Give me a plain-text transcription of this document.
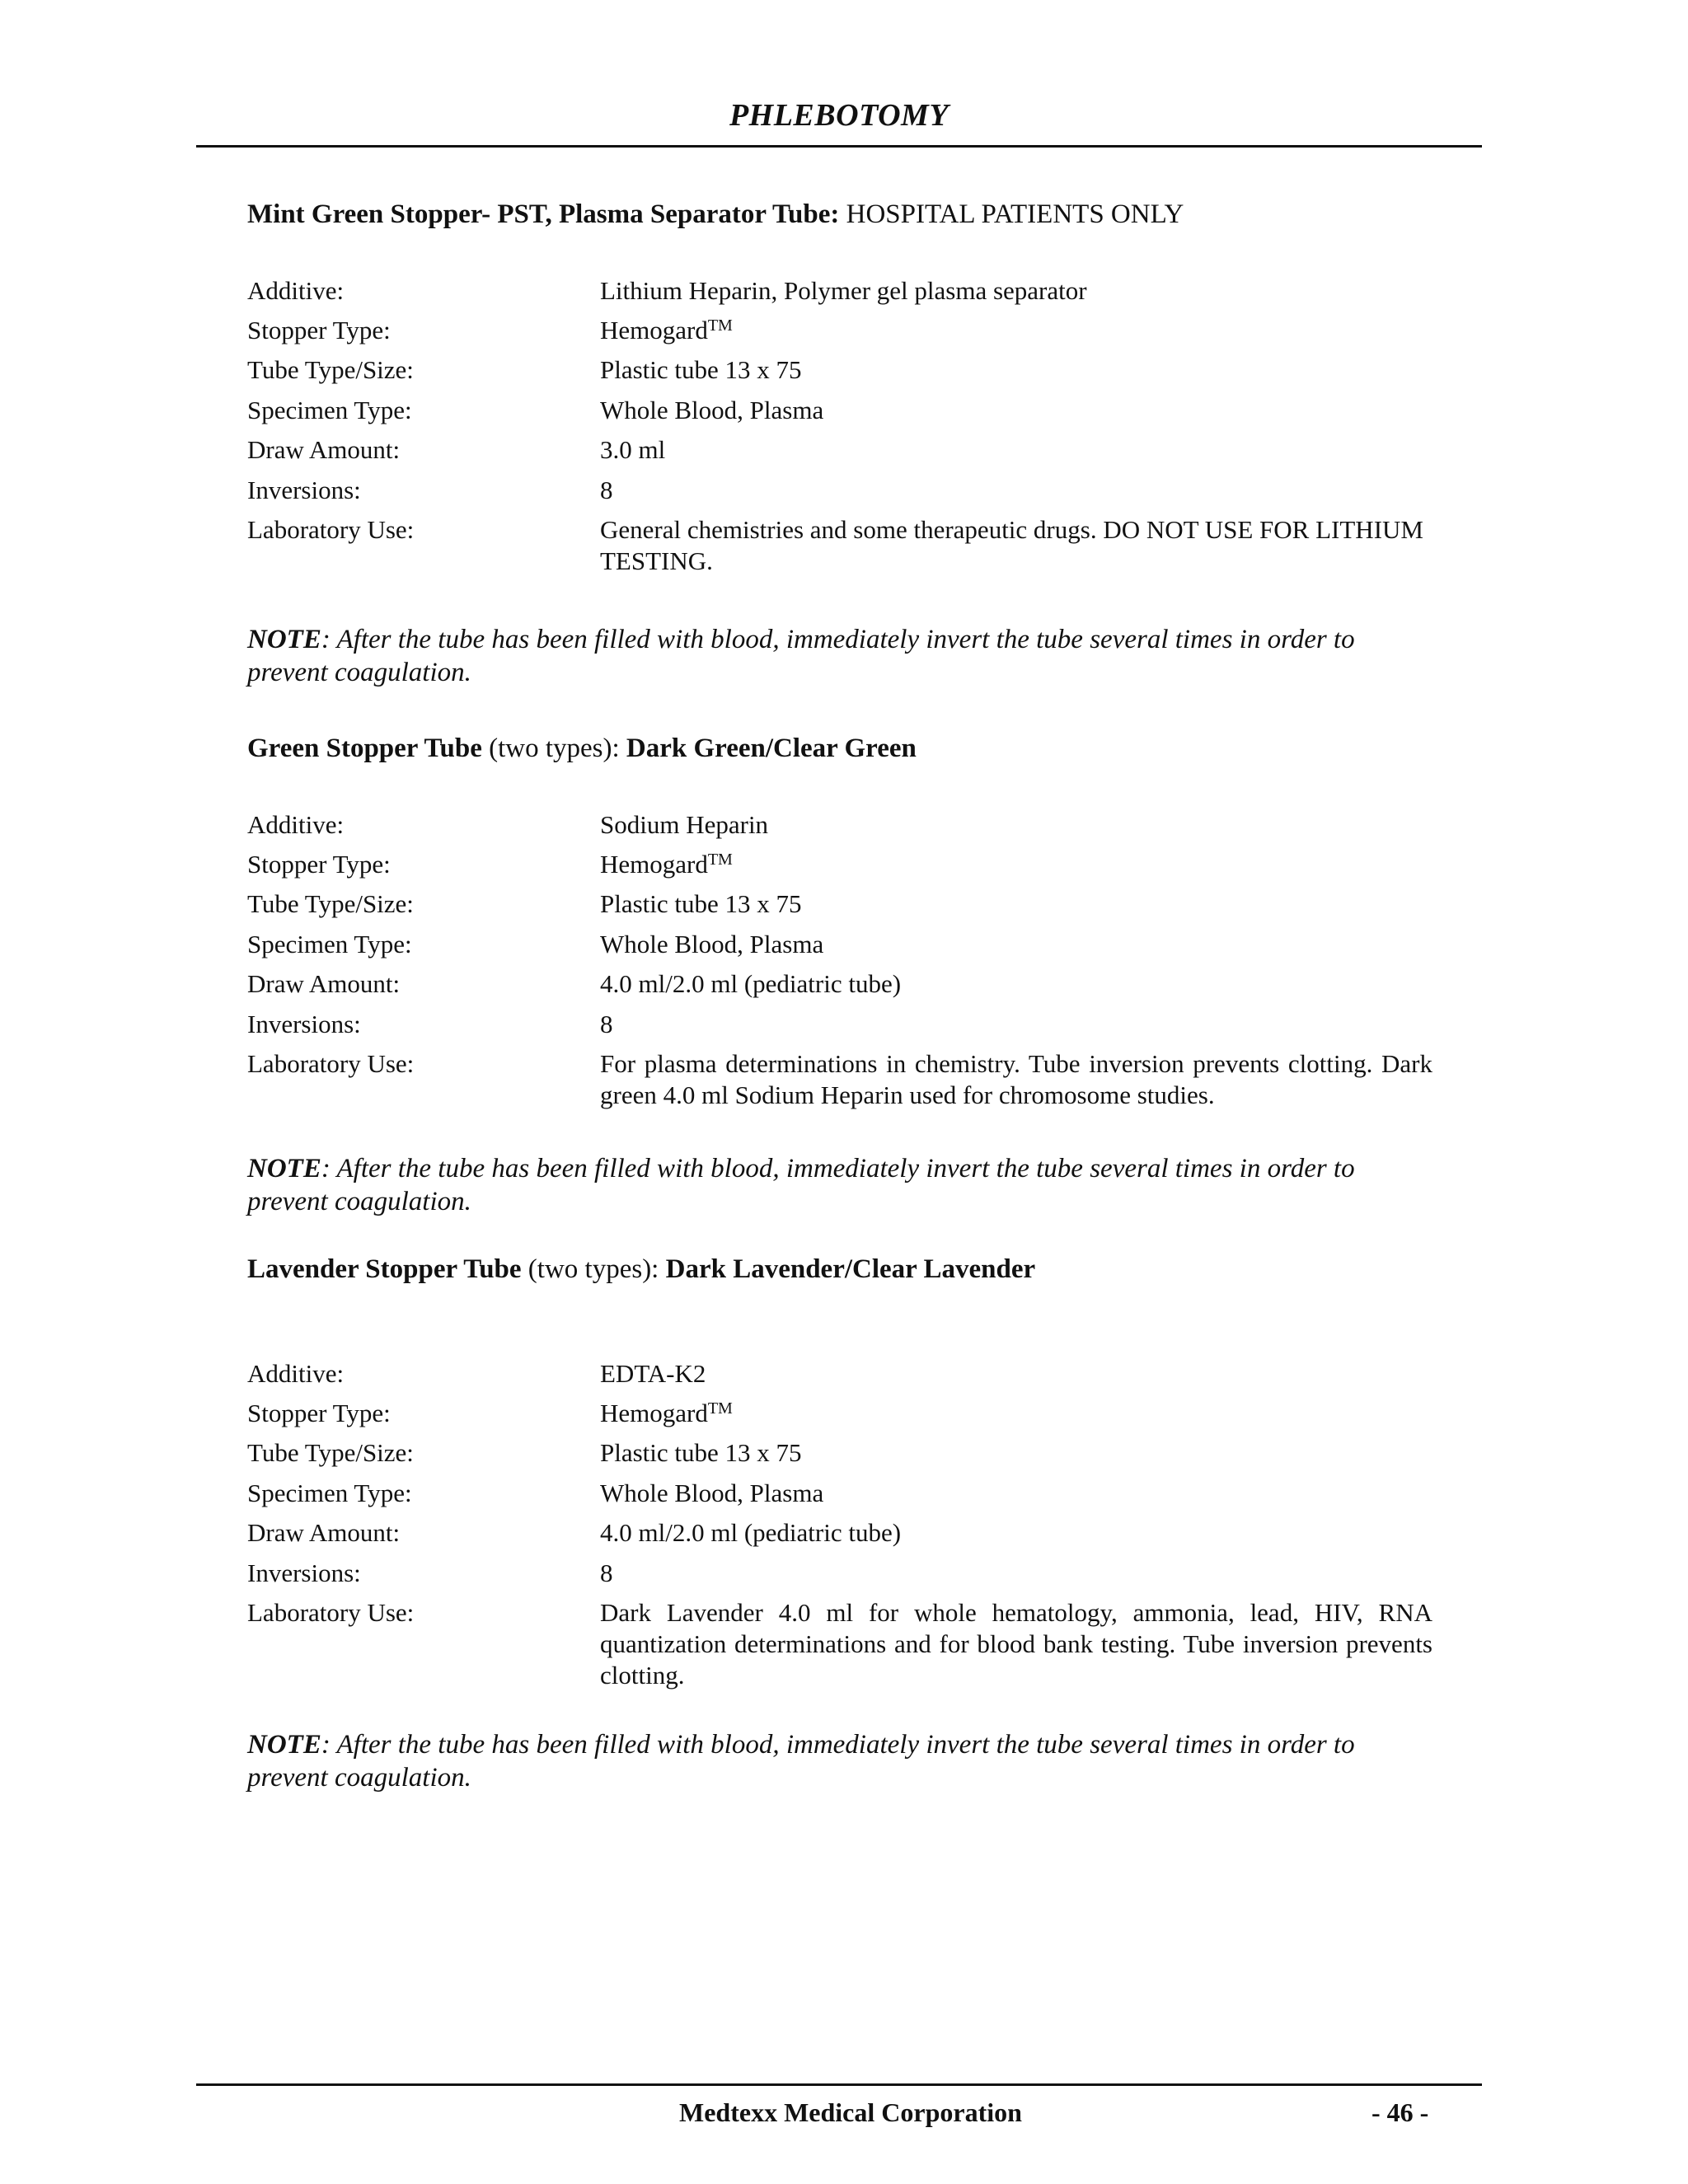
PHLEBOTOMY
Mint Green Stopper- PST, Plasma Separator Tube: HOSPITAL PATIENTS ONLY
Additive:	Lithium Heparin, Polymer gel plasma separator
Stopper Type:	Hemogard™
Tube Type/Size:	Plastic tube 13 x 75
Specimen Type:	Whole Blood, Plasma
Draw Amount:	3.0 ml
Inversions:	8
Laboratory Use:	General chemistries and some therapeutic drugs. DO NOT USE FOR LITHIUM TESTING.
NOTE: After the tube has been filled with blood, immediately invert the tube several times in order to prevent coagulation.
Green Stopper Tube (two types): Dark Green/Clear Green
Additive:	Sodium Heparin
Stopper Type:	Hemogard™
Tube Type/Size:	Plastic tube 13 x 75
Specimen Type:	Whole Blood, Plasma
Draw Amount:	4.0 ml/2.0 ml (pediatric tube)
Inversions:	8
Laboratory Use:	For plasma determinations in chemistry. Tube inversion prevents clotting. Dark green 4.0 ml Sodium Heparin used for chromosome studies.
NOTE: After the tube has been filled with blood, immediately invert the tube several times in order to prevent coagulation.
Lavender Stopper Tube (two types): Dark Lavender/Clear Lavender
Additive:	EDTA-K2
Stopper Type:	Hemogard™
Tube Type/Size:	Plastic tube 13 x 75
Specimen Type:	Whole Blood, Plasma
Draw Amount:	4.0 ml/2.0 ml (pediatric tube)
Inversions:	8
Laboratory Use:	Dark Lavender 4.0 ml for whole hematology, ammonia, lead, HIV, RNA quantization determinations and for blood bank testing. Tube inversion prevents clotting.
NOTE: After the tube has been filled with blood, immediately invert the tube several times in order to prevent coagulation.
Medtexx Medical Corporation	- 46 -
